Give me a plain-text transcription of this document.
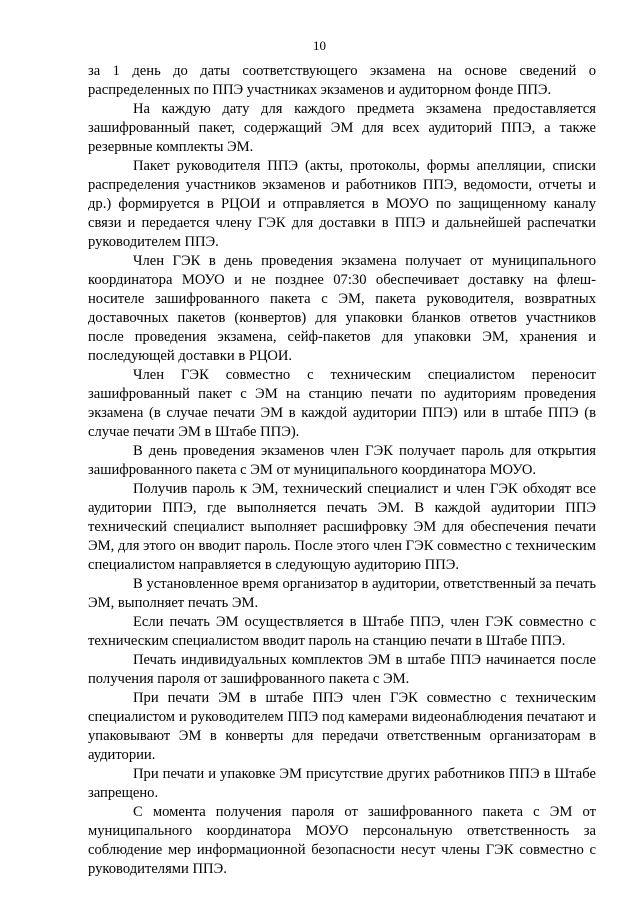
10

за 1 день до даты соответствующего экзамена на основе сведений о распределенных по ППЭ участниках экзаменов и аудиторном фонде ППЭ.

На каждую дату для каждого предмета экзамена предоставляется зашифрованный пакет, содержащий ЭМ для всех аудиторий ППЭ, а также резервные комплекты ЭМ.

Пакет руководителя ППЭ (акты, протоколы, формы апелляции, списки распределения участников экзаменов и работников ППЭ, ведомости, отчеты и др.) формируется в РЦОИ и отправляется в МОУО по защищенному каналу связи и передается члену ГЭК для доставки в ППЭ и дальнейшей распечатки руководителем ППЭ.

Член ГЭК в день проведения экзамена получает от муниципального координатора МОУО и не позднее 07:30 обеспечивает доставку на флеш-носителе зашифрованного пакета с ЭМ, пакета руководителя, возвратных доставочных пакетов (конвертов) для упаковки бланков ответов участников после проведения экзамена, сейф-пакетов для упаковки ЭМ, хранения и последующей доставки в РЦОИ.

Член ГЭК совместно с техническим специалистом переносит зашифрованный пакет с ЭМ на станцию печати по аудиториям проведения экзамена (в случае печати ЭМ в каждой аудитории ППЭ) или в штабе ППЭ (в случае печати ЭМ в Штабе ППЭ).

В день проведения экзаменов член ГЭК получает пароль для открытия зашифрованного пакета с ЭМ от муниципального координатора МОУО.

Получив пароль к ЭМ, технический специалист и член ГЭК обходят все аудитории ППЭ, где выполняется печать ЭМ. В каждой аудитории ППЭ технический специалист выполняет расшифровку ЭМ для обеспечения печати ЭМ, для этого он вводит пароль. После этого член ГЭК совместно с техническим специалистом направляется в следующую аудиторию ППЭ.

В установленное время организатор в аудитории, ответственный за печать ЭМ, выполняет печать ЭМ.

Если печать ЭМ осуществляется в Штабе ППЭ, член ГЭК совместно с техническим специалистом вводит пароль на станцию печати в Штабе ППЭ.

Печать индивидуальных комплектов ЭМ в штабе ППЭ начинается после получения пароля от зашифрованного пакета с ЭМ.

При печати ЭМ в штабе ППЭ член ГЭК совместно с техническим специалистом и руководителем ППЭ под камерами видеонаблюдения печатают и упаковывают ЭМ в конверты для передачи ответственным организаторам в аудитории.

При печати и упаковке ЭМ присутствие других работников ППЭ в Штабе запрещено.

С момента получения пароля от зашифрованного пакета с ЭМ от муниципального координатора МОУО персональную ответственность за соблюдение мер информационной безопасности несут члены ГЭК совместно с руководителями ППЭ.
